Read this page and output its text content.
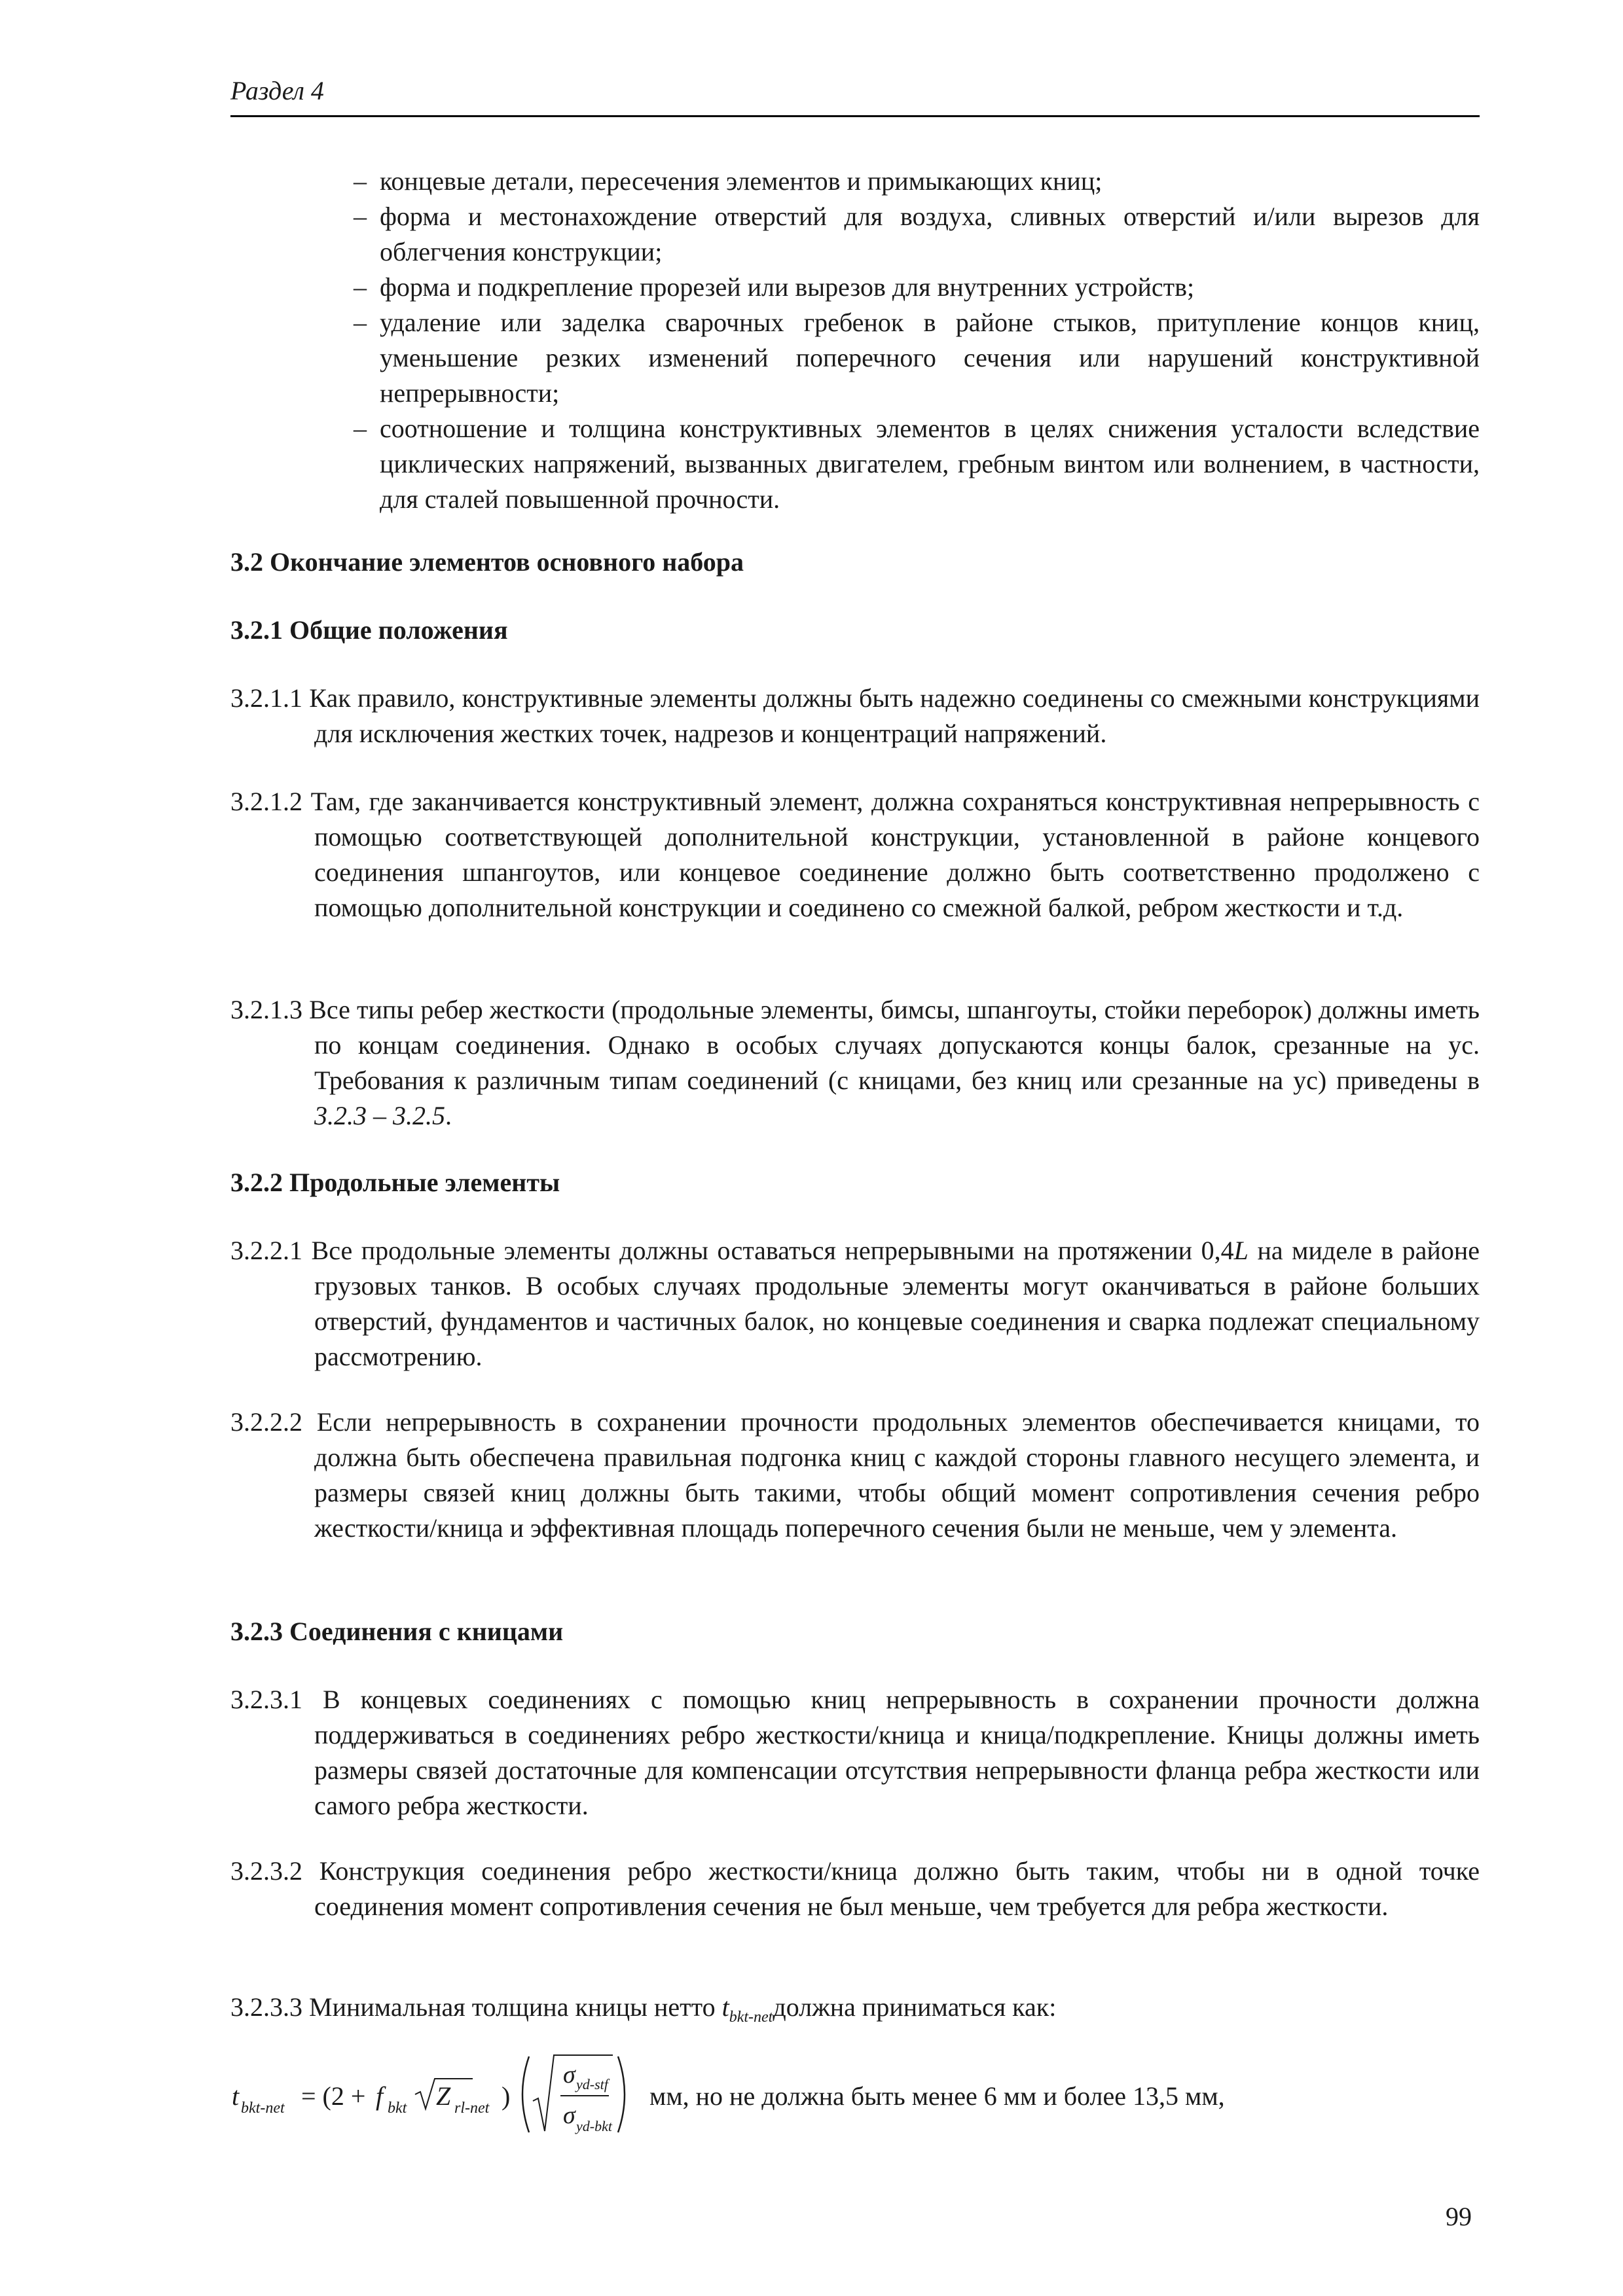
Раздел 4
– концевые детали, пересечения элементов и примыкающих книц;
– форма и местонахождение отверстий для воздуха, сливных отверстий и/или вырезов для облегчения конструкции;
– форма и подкрепление прорезей или вырезов для внутренних устройств;
– удаление или заделка сварочных гребенок в районе стыков, притупление концов книц, уменьшение резких изменений поперечного сечения или нарушений конструктивной непрерывности;
– соотношение и толщина конструктивных элементов в целях снижения усталости вследствие циклических напряжений, вызванных двигателем, гребным винтом или волнением, в частности, для сталей повышенной прочности.
3.2 Окончание элементов основного набора
3.2.1 Общие положения
3.2.1.1 Как правило, конструктивные элементы должны быть надежно соединены со смежными конструкциями для исключения жестких точек, надрезов и концентраций напряжений.
3.2.1.2 Там, где заканчивается конструктивный элемент, должна сохраняться конструктивная непрерывность с помощью соответствующей дополнительной конструкции, установленной в районе концевого соединения шпангоутов, или концевое соединение должно быть соответственно продолжено с помощью дополнительной конструкции и соединено со смежной балкой, ребром жесткости и т.д.
3.2.1.3 Все типы ребер жесткости (продольные элементы, бимсы, шпангоуты, стойки переборок) должны иметь по концам соединения. Однако в особых случаях допускаются концы балок, срезанные на ус. Требования к различным типам соединений (с кницами, без книц или срезанные на ус) приведены в 3.2.3 – 3.2.5.
3.2.2 Продольные элементы
3.2.2.1 Все продольные элементы должны оставаться непрерывными на протяжении 0,4L на миделе в районе грузовых танков. В особых случаях продольные элементы могут оканчиваться в районе больших отверстий, фундаментов и частичных балок, но концевые соединения и сварка подлежат специальному рассмотрению.
3.2.2.2 Если непрерывность в сохранении прочности продольных элементов обеспечивается кницами, то должна быть обеспечена правильная подгонка книц с каждой стороны главного несущего элемента, и размеры связей книц должны быть такими, чтобы общий момент сопротивления сечения ребро жесткости/кница и эффективная площадь поперечного сечения были не меньше, чем у элемента.
3.2.3 Соединения с кницами
3.2.3.1 В концевых соединениях с помощью книц непрерывность в сохранении прочности должна поддерживаться в соединениях ребро жесткости/кница и кница/подкрепление. Кницы должны иметь размеры связей достаточные для компенсации отсутствия непрерывности фланца ребра жесткости или самого ребра жесткости.
3.2.3.2 Конструкция соединения ребро жесткости/кница должно быть таким, чтобы ни в одной точке соединения момент сопротивления сечения не был меньше, чем требуется для ребра жесткости.
3.2.3.3 Минимальная толщина кницы нетто $t_{bkt-net}должна$ приниматься как:
t bkt-net = (2 + f bkt Z rl-net )
σ yd-stf
σ yd-bkt
мм, но не должна быть менее 6 мм и более 13,5 мм,
99
